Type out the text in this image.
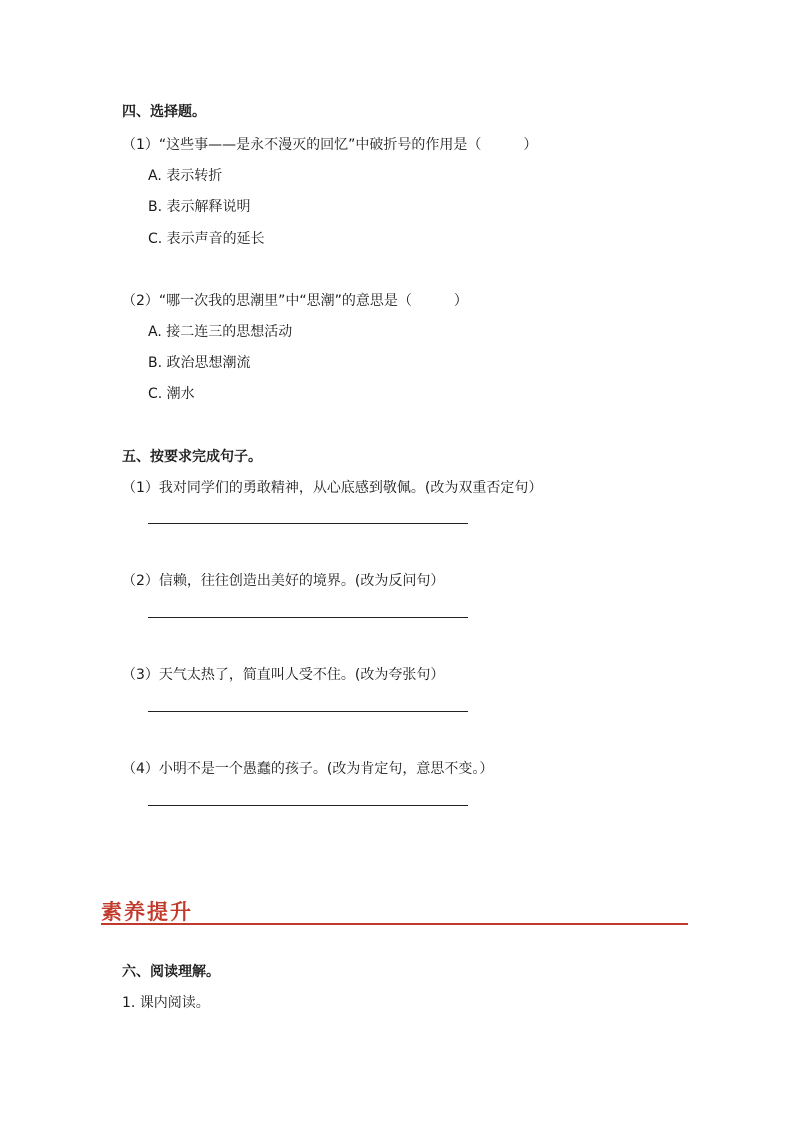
四、选择题。
（1）“这些事——是永不漫灭的回忆”中破折号的作用是（　　　）
A. 表示转折
B. 表示解释说明
C. 表示声音的延长
（2）“哪一次我的思潮里”中“思潮”的意思是（　　　）
A. 接二连三的思想活动
B. 政治思想潮流
C. 潮水
五、按要求完成句子。
（1）我对同学们的勇敢精神，从心底感到敬佩。(改为双重否定句）
（2）信赖，往往创造出美好的境界。(改为反问句）
（3）天气太热了，简直叫人受不住。(改为夸张句）
（4）小明不是一个愚蠢的孩子。(改为肯定句，意思不变。）
素养提升
六、阅读理解。
1. 课内阅读。
